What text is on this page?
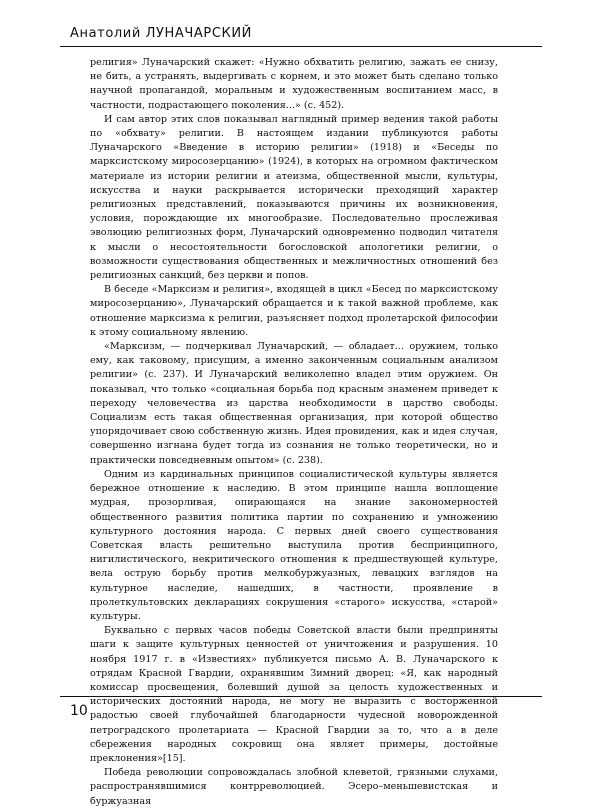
Анатолий ЛУНАЧАРСКИЙ

религия» Луначарский скажет: «Нужно обхватить религию, зажать ее снизу, не бить, а устранять, выдергивать с корнем, и это может быть сделано только научной пропагандой, моральным и художественным воспитанием масс, в частности, подрастающего поколения...» (с. 452).

И сам автор этих слов показывал наглядный пример ведения такой работы по «обхвату» религии. В настоящем издании публикуются работы Луначарского «Введение в историю религии» (1918) и «Беседы по марксистскому миросозерцанию» (1924), в которых на огромном фактическом материале из истории религии и атеизма, общественной мысли, культуры, искусства и науки раскрывается исторически преходящий характер религиозных представлений, показываются причины их возникновения, условия, порождающие их многообразие. Последовательно прослеживая эволюцию религиозных форм, Луначарский одновременно подводил читателя к мысли о несостоятельности богословской апологетики религии, о возможности существования общественных и межличностных отношений без религиозных санкций, без церкви и попов.

В беседе «Марксизм и религия», входящей в цикл «Бесед по марксистскому миросозерцанию», Луначарский обращается и к такой важной проблеме, как отношение марксизма к религии, разъясняет подход пролетарской философии к этому социальному явлению.

«Марксизм, — подчеркивал Луначарский, — обладает... оружием, только ему, как таковому, присущим, а именно законченным социальным анализом религии» (с. 237). И Луначарский великолепно владел этим оружием. Он показывал, что только «социальная борьба под красным знаменем приведет к переходу человечества из царства необходимости в царство свободы. Социализм есть такая общественная организация, при которой общество упорядочивает свою собственную жизнь. Идея провидения, как и идея случая, совершенно изгнана будет тогда из сознания не только теоретически, но и практически повседневным опытом» (с. 238).

Одним из кардинальных принципов социалистической культуры является бережное отношение к наследию. В этом принципе нашла воплощение мудрая, прозорливая, опирающаяся на знание закономерностей общественного развития политика партии по сохранению и умножению культурного достояния народа. С первых дней своего существования Советская власть решительно выступила против беспринципного, нигилистического, некритического отношения к предшествующей культуре, вела острую борьбу против мелкобуржуазных, левацких взглядов на культурное наследие, нашедших, в частности, проявление в пролеткультовских декларациях сокрушения «старого» искусства, «старой» культуры.

Буквально с первых часов победы Советской власти были предприняты шаги к защите культурных ценностей от уничтожения и разрушения. 10 ноября 1917 г. в «Известиях» публикуется письмо А. В. Луначарского к отрядам Красной Гвардии, охранявшим Зимний дворец: «Я, как народный комиссар просвещения, болевший душой за целость художественных и исторических достояний народа, не могу не выразить с восторженной радостью своей глубочайшей благодарности чудесной новорожденной петроградского пролетариата — Красной Гвардии за то, что а в деле сбережения народных сокровищ она являет примеры, достойные преклонения»[15].

Победа революции сопровождалась злобной клеветой, грязными слухами, распространявшимися контрреволюцией. Эсеро–меньшевистская и буржуазная

10
